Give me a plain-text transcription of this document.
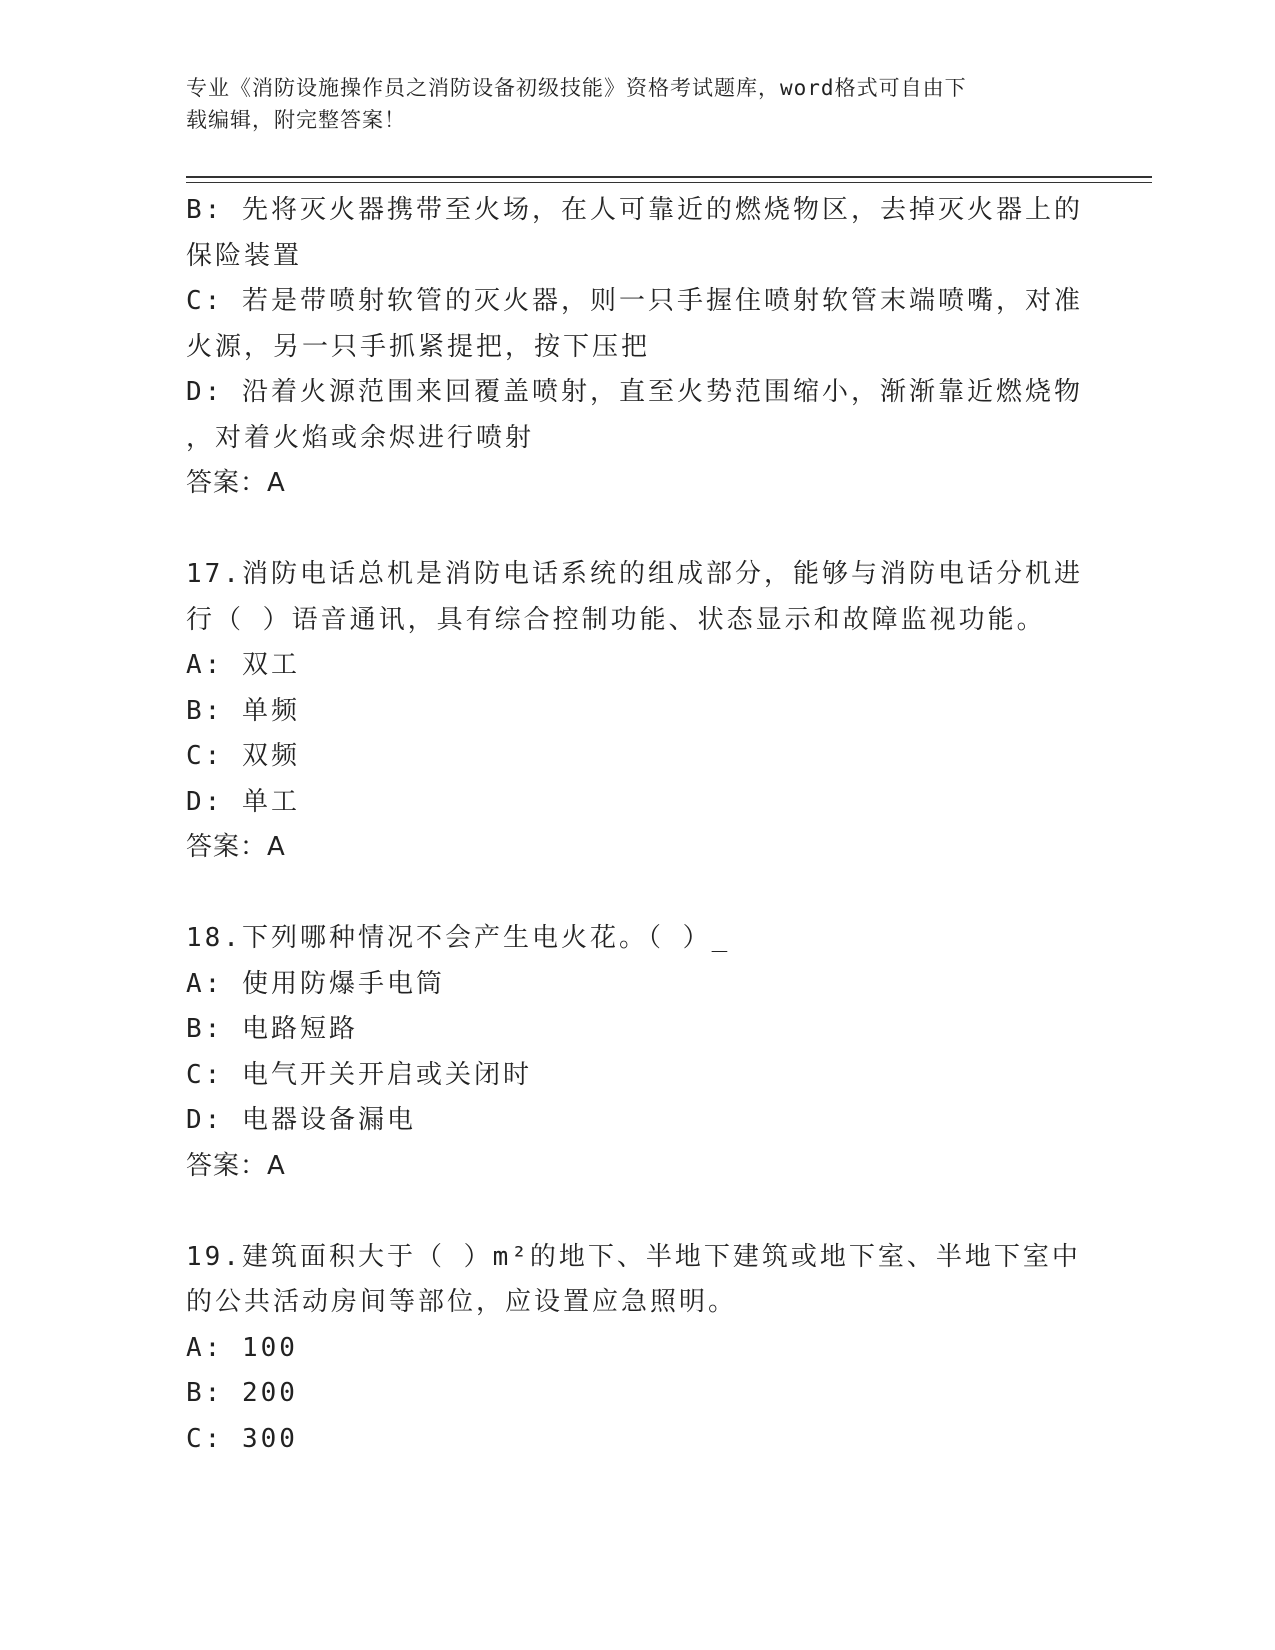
专业《消防设施操作员之消防设备初级技能》资格考试题库，word格式可自由下
载编辑，附完整答案！

B: 先将灭火器携带至火场，在人可靠近的燃烧物区，去掉灭火器上的

保险装置

C: 若是带喷射软管的灭火器，则一只手握住喷射软管末端喷嘴，对准

火源，另一只手抓紧提把，按下压把

D: 沿着火源范围来回覆盖喷射，直至火势范围缩小，渐渐靠近燃烧物

，对着火焰或余烬进行喷射

答案：A

17.消防电话总机是消防电话系统的组成部分，能够与消防电话分机进

行（ ）语音通讯，具有综合控制功能、状态显示和故障监视功能。

A: 双工

B: 单频

C: 双频

D: 单工

答案：A

18.下列哪种情况不会产生电火花。（ ）_

A: 使用防爆手电筒

B: 电路短路

C: 电气开关开启或关闭时

D: 电器设备漏电

答案：A

19.建筑面积大于（ ）m²的地下、半地下建筑或地下室、半地下室中

的公共活动房间等部位，应设置应急照明。

A: 100

B: 200

C: 300
